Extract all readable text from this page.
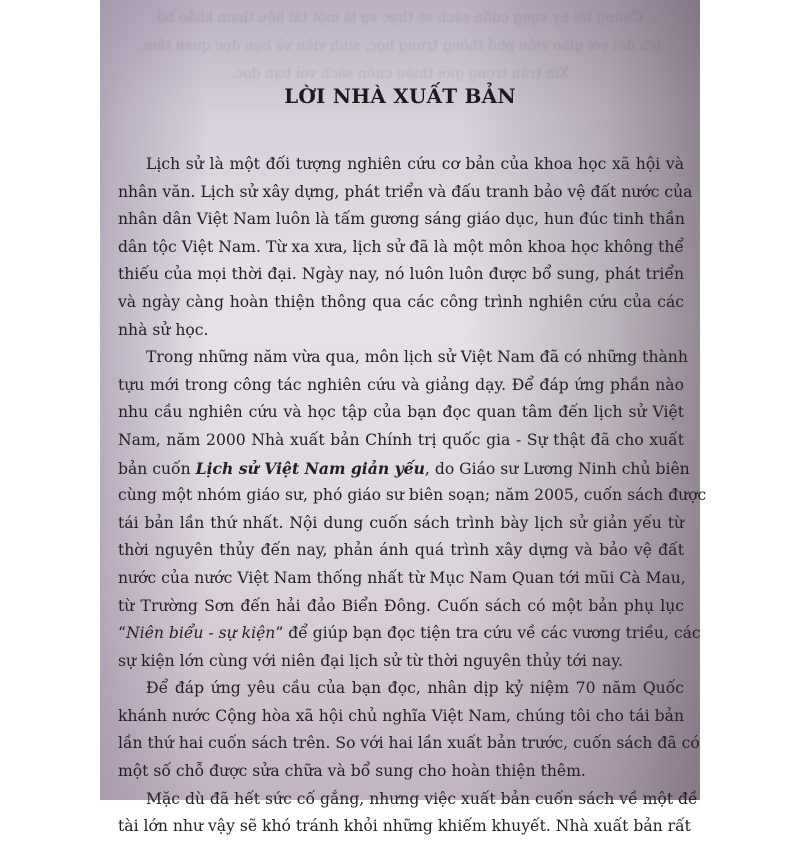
Chúng tôi hy vọng cuốn sách sẽ thực sự là một tài liệu tham khảo bổ
ích đối với giáo viên phổ thông trung học, sinh viên và bạn đọc quan tâm.
Xin trân trọng giới thiệu cuốn sách với bạn đọc.
LỜI NHÀ XUẤT BẢN
Lịch sử là một đối tượng nghiên cứu cơ bản của khoa học xã hội và
nhân văn. Lịch sử xây dựng, phát triển và đấu tranh bảo vệ đất nước của
nhân dân Việt Nam luôn là tấm gương sáng giáo dục, hun đúc tinh thần
dân tộc Việt Nam. Từ xa xưa, lịch sử đã là một môn khoa học không thể
thiếu của mọi thời đại. Ngày nay, nó luôn luôn được bổ sung, phát triển
và ngày càng hoàn thiện thông qua các công trình nghiên cứu của các
nhà sử học.
Trong những năm vừa qua, môn lịch sử Việt Nam đã có những thành
tựu mới trong công tác nghiên cứu và giảng dạy. Để đáp ứng phần nào
nhu cầu nghiên cứu và học tập của bạn đọc quan tâm đến lịch sử Việt
Nam, năm 2000 Nhà xuất bản Chính trị quốc gia - Sự thật đã cho xuất
bản cuốn Lịch sử Việt Nam giản yếu, do Giáo sư Lương Ninh chủ biên
cùng một nhóm giáo sư, phó giáo sư biên soạn; năm 2005, cuốn sách được
tái bản lần thứ nhất. Nội dung cuốn sách trình bày lịch sử giản yếu từ
thời nguyên thủy đến nay, phản ánh quá trình xây dựng và bảo vệ đất
nước của nước Việt Nam thống nhất từ Mục Nam Quan tới mũi Cà Mau,
từ Trường Sơn đến hải đảo Biển Đông. Cuốn sách có một bản phụ lục
“Niên biểu - sự kiện” để giúp bạn đọc tiện tra cứu về các vương triều, các
sự kiện lớn cùng với niên đại lịch sử từ thời nguyên thủy tới nay.
Để đáp ứng yêu cầu của bạn đọc, nhân dịp kỷ niệm 70 năm Quốc
khánh nước Cộng hòa xã hội chủ nghĩa Việt Nam, chúng tôi cho tái bản
lần thứ hai cuốn sách trên. So với hai lần xuất bản trước, cuốn sách đã có
một số chỗ được sửa chữa và bổ sung cho hoàn thiện thêm.
Mặc dù đã hết sức cố gắng, nhưng việc xuất bản cuốn sách về một đề
tài lớn như vậy sẽ khó tránh khỏi những khiếm khuyết. Nhà xuất bản rất
